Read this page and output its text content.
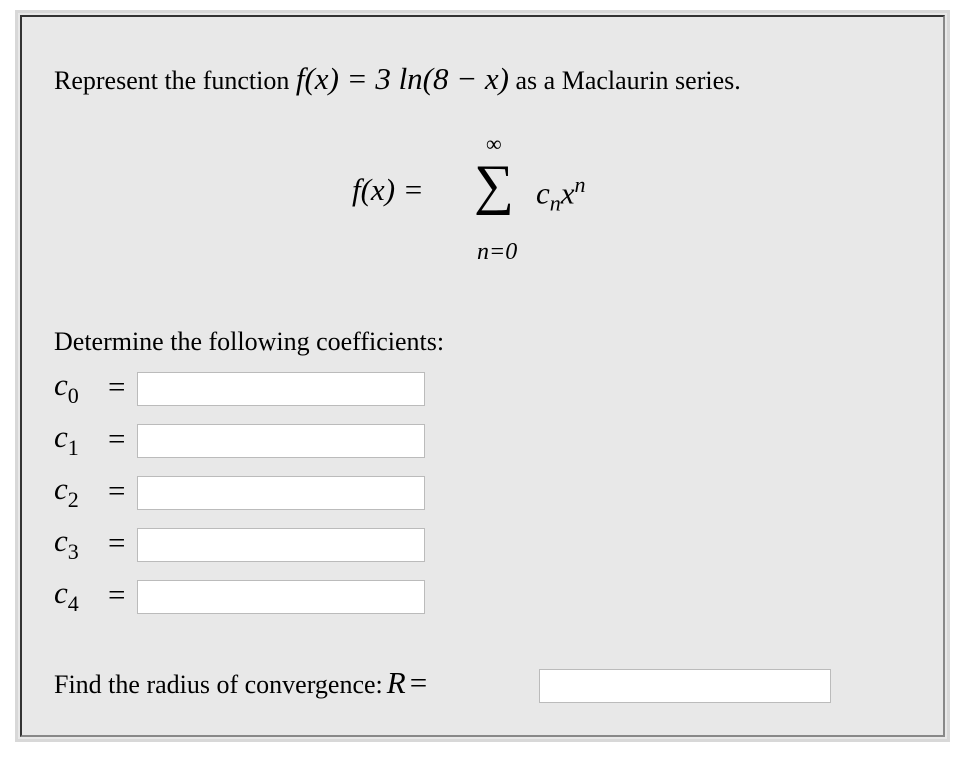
Represent the function f(x) = 3 ln(8 − x) as a Maclaurin series.
f(x) =
∞
∑
n=0
$c_nx^n$
Determine the following coefficients:
$c_0$ =
$c_1$ =
$c_2$ =
$c_3$ =
$c_4$ =
Find the radius of convergence: R =
